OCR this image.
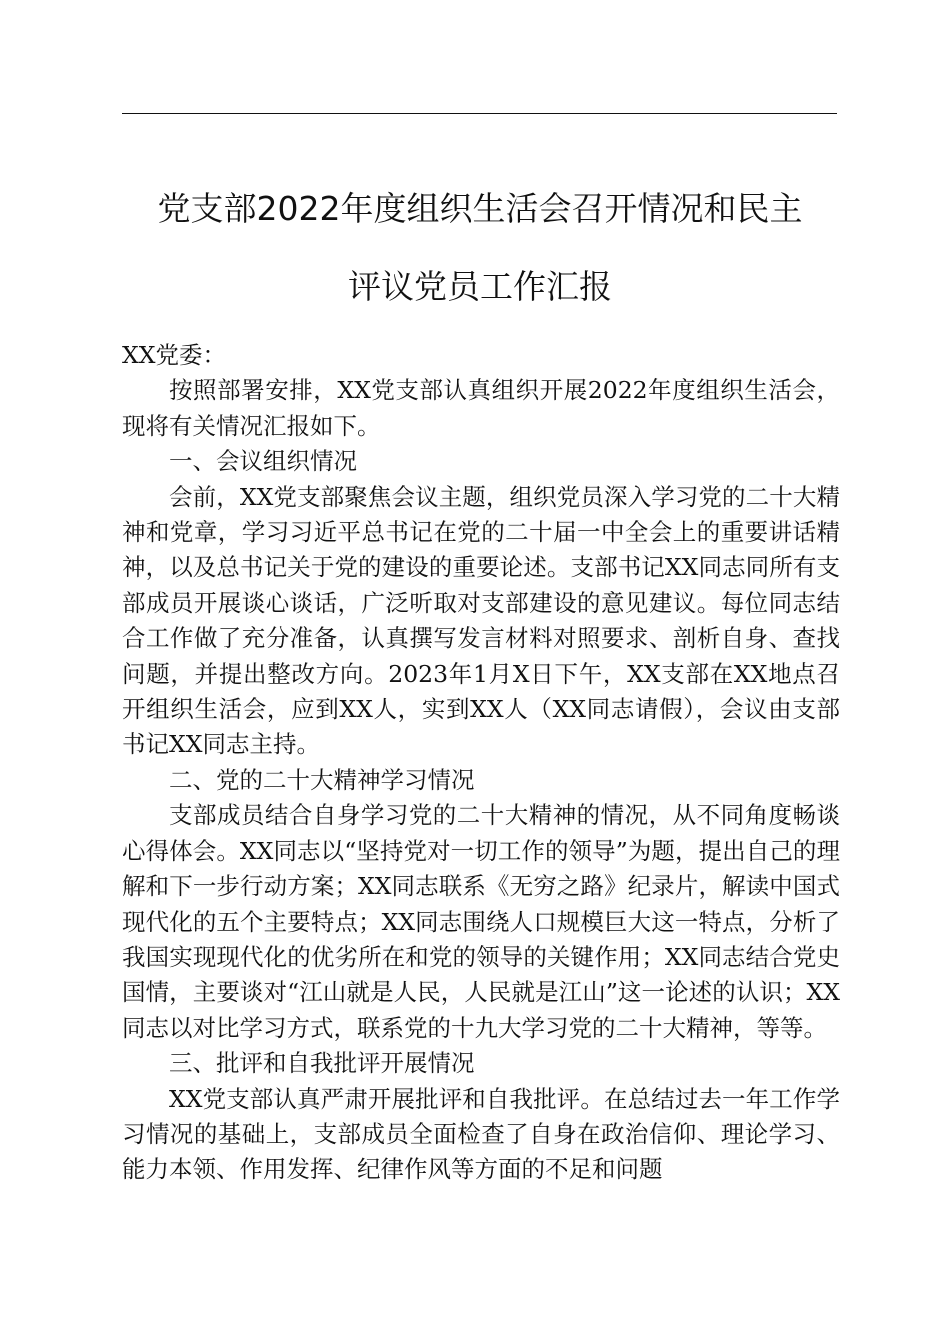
党支部2022年度组织生活会召开情况和民主
评议党员工作汇报

XX党委：

按照部署安排，XX党支部认真组织开展2022年度组织生活会，现将有关情况汇报如下。

一、会议组织情况

会前，XX党支部聚焦会议主题，组织党员深入学习党的二十大精神和党章，学习习近平总书记在党的二十届一中全会上的重要讲话精神，以及总书记关于党的建设的重要论述。支部书记XX同志同所有支部成员开展谈心谈话，广泛听取对支部建设的意见建议。每位同志结合工作做了充分准备，认真撰写发言材料对照要求、剖析自身、查找问题，并提出整改方向。2023年1月X日下午，XX支部在XX地点召开组织生活会，应到XX人，实到XX人（XX同志请假），会议由支部书记XX同志主持。

二、党的二十大精神学习情况

支部成员结合自身学习党的二十大精神的情况，从不同角度畅谈心得体会。XX同志以“坚持党对一切工作的领导”为题，提出自己的理解和下一步行动方案；XX同志联系《无穷之路》纪录片，解读中国式现代化的五个主要特点；XX同志围绕人口规模巨大这一特点，分析了我国实现现代化的优劣所在和党的领导的关键作用；XX同志结合党史国情，主要谈对“江山就是人民，人民就是江山”这一论述的认识；XX同志以对比学习方式，联系党的十九大学习党的二十大精神，等等。

三、批评和自我批评开展情况

XX党支部认真严肃开展批评和自我批评。在总结过去一年工作学习情况的基础上，支部成员全面检查了自身在政治信仰、理论学习、能力本领、作用发挥、纪律作风等方面的不足和问题
